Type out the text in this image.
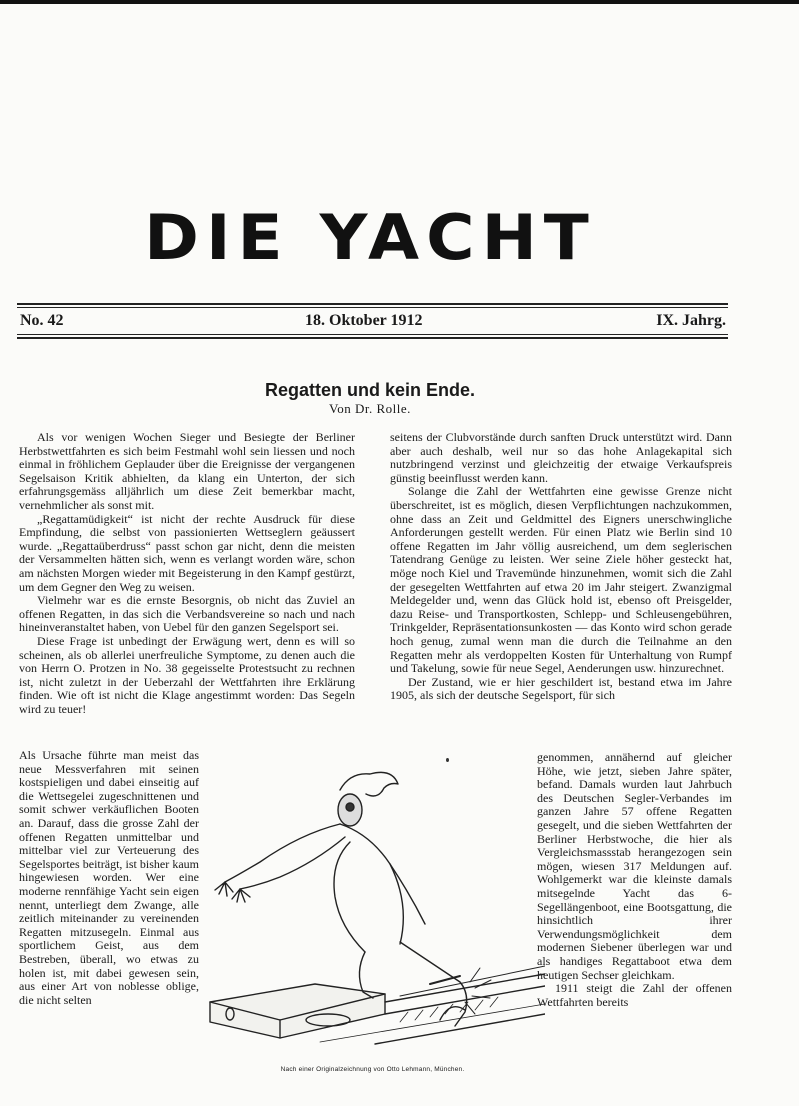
DIE YACHT
No. 42	18. Oktober 1912	IX. Jahrg.
Regatten und kein Ende.
Von Dr. Rolle.

Als vor wenigen Wochen Sieger und Besiegte der Berliner Herbstwettfahrten es sich beim Festmahl wohl sein liessen und noch einmal in fröhlichem Geplauder über die Ereignisse der vergangenen Segelsaison Kritik abhielten, da klang ein Unterton, der sich erfahrungsgemäss alljährlich um diese Zeit bemerkbar macht, vernehmlicher als sonst mit.

„Regattamüdigkeit“ ist nicht der rechte Ausdruck für diese Empfindung, die selbst von passionierten Wettseglern geäussert wurde. „Regattaüberdruss“ passt schon gar nicht, denn die meisten der Versammelten hätten sich, wenn es verlangt worden wäre, schon am nächsten Morgen wieder mit Begeisterung in den Kampf gestürzt, um dem Gegner den Weg zu weisen.

Vielmehr war es die ernste Besorgnis, ob nicht das Zuviel an offenen Regatten, in das sich die Verbandsvereine so nach und nach hineinveranstaltet haben, von Uebel für den ganzen Segelsport sei.

Diese Frage ist unbedingt der Erwägung wert, denn es will so scheinen, als ob allerlei unerfreuliche Symptome, zu denen auch die von Herrn O. Protzen in No. 38 gegeisselte Protestsucht zu rechnen ist, nicht zuletzt in der Ueberzahl der Wettfahrten ihre Erklärung finden. Wie oft ist nicht die Klage angestimmt worden: Das Segeln wird zu teuer!

Als Ursache führte man meist das neue Messverfahren mit seinen kostspieligen und dabei einseitig auf die Wettsegelei zugeschnittenen und somit schwer verkäuflichen Booten an. Darauf, dass die grosse Zahl der offenen Regatten unmittelbar und mittelbar viel zur Verteuerung des Segelsportes beiträgt, ist bisher kaum hingewiesen worden. Wer eine moderne rennfähige Yacht sein eigen nennt, unterliegt dem Zwange, alle zeitlich miteinander zu vereinenden Regatten mitzusegeln. Einmal aus sportlichem Geist, aus dem Bestreben, überall, wo etwas zu holen ist, mit dabei gewesen sein, aus einer Art von noblesse oblige, die nicht selten

seitens der Clubvorstände durch sanften Druck unterstützt wird. Dann aber auch deshalb, weil nur so das hohe Anlagekapital sich nutzbringend verzinst und gleichzeitig der etwaige Verkaufspreis günstig beeinflusst werden kann.

Solange die Zahl der Wettfahrten eine gewisse Grenze nicht überschreitet, ist es möglich, diesen Verpflichtungen nachzukommen, ohne dass an Zeit und Geldmittel des Eigners unerschwingliche Anforderungen gestellt werden. Für einen Platz wie Berlin sind 10 offene Regatten im Jahr völlig ausreichend, um dem seglerischen Tatendrang Genüge zu leisten. Wer seine Ziele höher gesteckt hat, möge noch Kiel und Travemünde hinzunehmen, womit sich die Zahl der gesegelten Wettfahrten auf etwa 20 im Jahr steigert. Zwanzigmal Meldegelder und, wenn das Glück hold ist, ebenso oft Preisgelder, dazu Reise- und Transportkosten, Schlepp- und Schleusengebühren, Trinkgelder, Repräsentationsunkosten — das Konto wird schon gerade hoch genug, zumal wenn man die durch die Teilnahme an den Regatten mehr als verdoppelten Kosten für Unterhaltung von Rumpf und Takelung, sowie für neue Segel, Aenderungen usw. hinzurechnet.

Der Zustand, wie er hier geschildert ist, bestand etwa im Jahre 1905, als sich der deutsche Segelsport, für sich

genommen, annähernd auf gleicher Höhe, wie jetzt, sieben Jahre später, befand. Damals wurden laut Jahrbuch des Deutschen Segler-Verbandes im ganzen Jahre 57 offene Regatten gesegelt, und die sieben Wettfahrten der Berliner Herbstwoche, die hier als Vergleichsmassstab herangezogen sein mögen, wiesen 317 Meldungen auf. Wohlgemerkt war die kleinste damals mitsegelnde Yacht das 6-Segellängenboot, eine Bootsgattung, die hinsichtlich ihrer Verwendungsmöglichkeit dem modernen Siebener überlegen war und als handiges Regattaboot etwa dem heutigen Sechser gleichkam.

1911 steigt die Zahl der offenen Wettfahrten bereits

Nach einer Originalzeichnung von Otto Lehmann, München.
